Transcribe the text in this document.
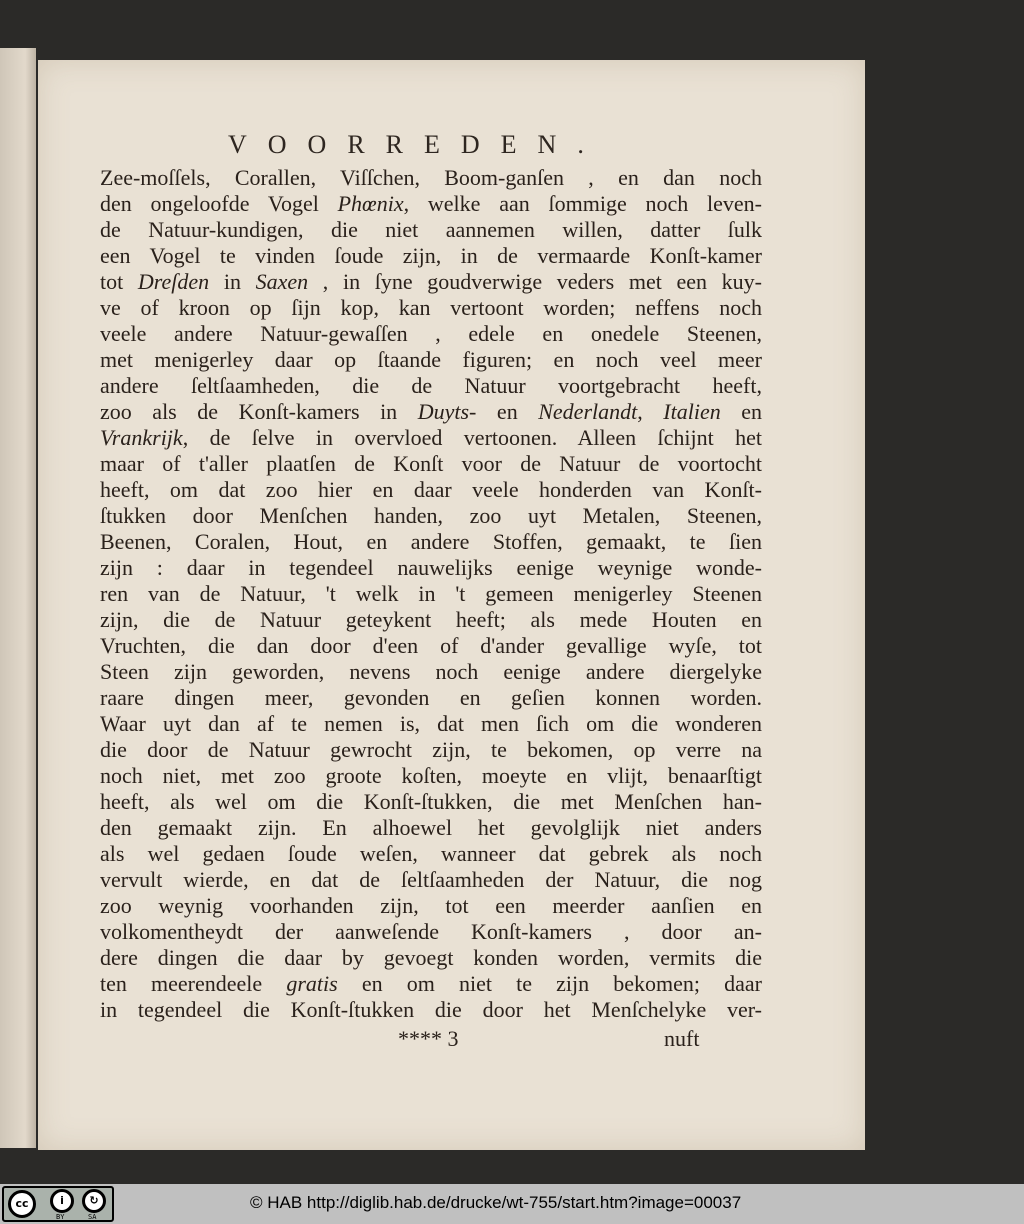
VOORREDEN.
Zee-moſſels, Corallen, Viſſchen, Boom-ganſen , en dan noch
den ongeloofde Vogel Phœnix, welke aan ſommige noch leven-
de Natuur-kundigen, die niet aannemen willen, datter ſulk
een Vogel te vinden ſoude zijn, in de vermaarde Konſt-kamer
tot Dreſden in Saxen , in ſyne goudverwige veders met een kuy-
ve of kroon op ſijn kop, kan vertoont worden; neffens noch
veele andere Natuur-gewaſſen , edele en onedele Steenen,
met menigerley daar op ſtaande figuren; en noch veel meer
andere ſeltſaamheden, die de Natuur voortgebracht heeft,
zoo als de Konſt-kamers in Duyts- en Nederlandt, Italien en
Vrankrijk, de ſelve in overvloed vertoonen. Alleen ſchijnt het
maar of t'aller plaatſen de Konſt voor de Natuur de voortocht
heeft, om dat zoo hier en daar veele honderden van Konſt-
ſtukken door Menſchen handen, zoo uyt Metalen, Steenen,
Beenen, Coralen, Hout, en andere Stoffen, gemaakt, te ſien
zijn : daar in tegendeel nauwelijks eenige weynige wonde-
ren van de Natuur, 't welk in 't gemeen menigerley Steenen
zijn, die de Natuur geteykent heeft; als mede Houten en
Vruchten, die dan door d'een of d'ander gevallige wyſe, tot
Steen zijn geworden, nevens noch eenige andere diergelyke
raare dingen meer, gevonden en geſien konnen worden.
Waar uyt dan af te nemen is, dat men ſich om die wonderen
die door de Natuur gewrocht zijn, te bekomen, op verre na
noch niet, met zoo groote koſten, moeyte en vlijt, benaarſtigt
heeft, als wel om die Konſt-ſtukken, die met Menſchen han-
den gemaakt zijn. En alhoewel het gevolglijk niet anders
als wel gedaen ſoude weſen, wanneer dat gebrek als noch
vervult wierde, en dat de ſeltſaamheden der Natuur, die nog
zoo weynig voorhanden zijn, tot een meerder aanſien en
volkomentheydt der aanweſende Konſt-kamers , door an-
dere dingen die daar by gevoegt konden worden, vermits die
ten meerendeele gratis en om niet te zijn bekomen; daar
in tegendeel die Konſt-ſtukken die door het Menſchelyke ver-
**** 3	nuft
cc	i	↻
BY	SA
© HAB http://diglib.hab.de/drucke/wt-755/start.htm?image=00037
